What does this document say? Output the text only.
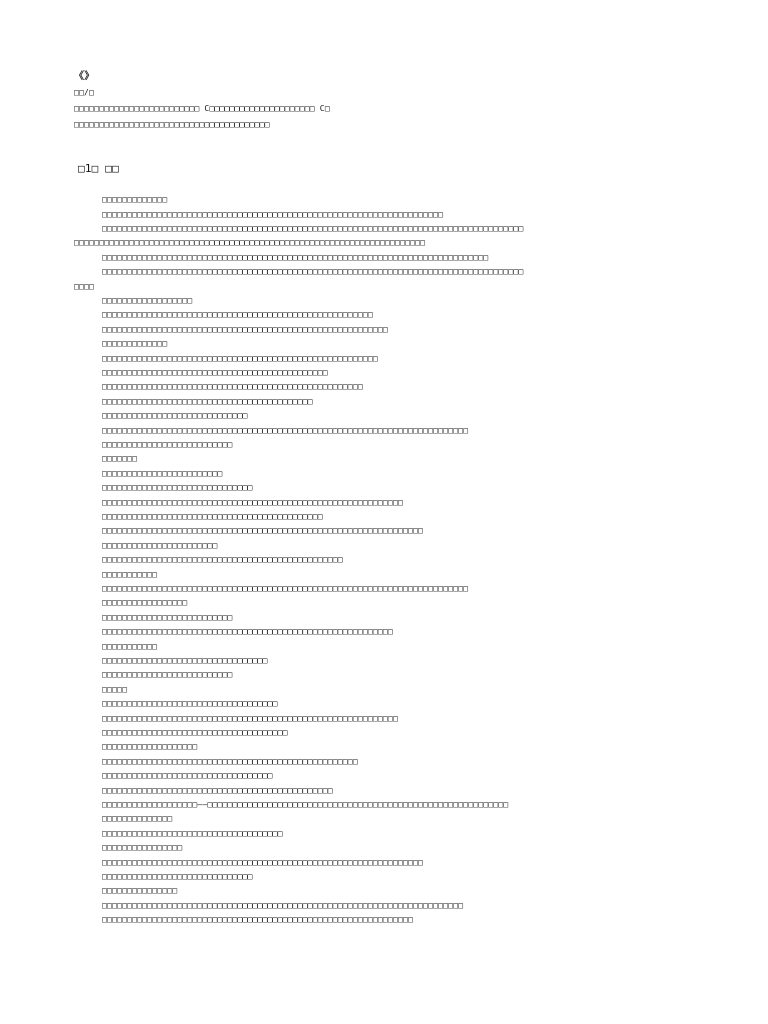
《》
□□/□
□□□□□□□□□□□□□□□□□□□□□□□□□ C□□□□□□□□□□□□□□□□□□□□□ C□
□□□□□□□□□□□□□□□□□□□□□□□□□□□□□□□□□□□□□□□
□1□ □□
□□□□□□□□□□□□□
□□□□□□□□□□□□□□□□□□□□□□□□□□□□□□□□□□□□□□□□□□□□□□□□□□□□□□□□□□□□□□□□□□□□
□□□□□□□□□□□□□□□□□□□□□□□□□□□□□□□□□□□□□□□□□□□□□□□□□□□□□□□□□□□□□□□□□□□□□□□□□□□□□□□□□□□□
□□□□□□□□□□□□□□□□□□□□□□□□□□□□□□□□□□□□□□□□□□□□□□□□□□□□□□□□□□□□□□□□□□□□□□
□□□□□□□□□□□□□□□□□□□□□□□□□□□□□□□□□□□□□□□□□□□□□□□□□□□□□□□□□□□□□□□□□□□□□□□□□□□□□
□□□□□□□□□□□□□□□□□□□□□□□□□□□□□□□□□□□□□□□□□□□□□□□□□□□□□□□□□□□□□□□□□□□□□□□□□□□□□□□□□□□□
□□□□
□□□□□□□□□□□□□□□□□□
□□□□□□□□□□□□□□□□□□□□□□□□□□□□□□□□□□□□□□□□□□□□□□□□□□□□□□
□□□□□□□□□□□□□□□□□□□□□□□□□□□□□□□□□□□□□□□□□□□□□□□□□□□□□□□□□
□□□□□□□□□□□□□
□□□□□□□□□□□□□□□□□□□□□□□□□□□□□□□□□□□□□□□□□□□□□□□□□□□□□□□
□□□□□□□□□□□□□□□□□□□□□□□□□□□□□□□□□□□□□□□□□□□□□
□□□□□□□□□□□□□□□□□□□□□□□□□□□□□□□□□□□□□□□□□□□□□□□□□□□□
□□□□□□□□□□□□□□□□□□□□□□□□□□□□□□□□□□□□□□□□□□
□□□□□□□□□□□□□□□□□□□□□□□□□□□□□
□□□□□□□□□□□□□□□□□□□□□□□□□□□□□□□□□□□□□□□□□□□□□□□□□□□□□□□□□□□□□□□□□□□□□□□□□
□□□□□□□□□□□□□□□□□□□□□□□□□□
□□□□□□□
□□□□□□□□□□□□□□□□□□□□□□□□
□□□□□□□□□□□□□□□□□□□□□□□□□□□□□□
□□□□□□□□□□□□□□□□□□□□□□□□□□□□□□□□□□□□□□□□□□□□□□□□□□□□□□□□□□□□
□□□□□□□□□□□□□□□□□□□□□□□□□□□□□□□□□□□□□□□□□□□□
□□□□□□□□□□□□□□□□□□□□□□□□□□□□□□□□□□□□□□□□□□□□□□□□□□□□□□□□□□□□□□□□
□□□□□□□□□□□□□□□□□□□□□□□
□□□□□□□□□□□□□□□□□□□□□□□□□□□□□□□□□□□□□□□□□□□□□□□□
□□□□□□□□□□□
□□□□□□□□□□□□□□□□□□□□□□□□□□□□□□□□□□□□□□□□□□□□□□□□□□□□□□□□□□□□□□□□□□□□□□□□□
□□□□□□□□□□□□□□□□□
□□□□□□□□□□□□□□□□□□□□□□□□□□
□□□□□□□□□□□□□□□□□□□□□□□□□□□□□□□□□□□□□□□□□□□□□□□□□□□□□□□□□□
□□□□□□□□□□□
□□□□□□□□□□□□□□□□□□□□□□□□□□□□□□□□□
□□□□□□□□□□□□□□□□□□□□□□□□□□
□□□□□
□□□□□□□□□□□□□□□□□□□□□□□□□□□□□□□□□□□
□□□□□□□□□□□□□□□□□□□□□□□□□□□□□□□□□□□□□□□□□□□□□□□□□□□□□□□□□□□
□□□□□□□□□□□□□□□□□□□□□□□□□□□□□□□□□□□□□
□□□□□□□□□□□□□□□□□□□
□□□□□□□□□□□□□□□□□□□□□□□□□□□□□□□□□□□□□□□□□□□□□□□□□□□
□□□□□□□□□□□□□□□□□□□□□□□□□□□□□□□□□□
□□□□□□□□□□□□□□□□□□□□□□□□□□□□□□□□□□□□□□□□□□□□□□
□□□□□□□□□□□□□□□□□□□——□□□□□□□□□□□□□□□□□□□□□□□□□□□□□□□□□□□□□□□□□□□□□□□□□□□□□□□□□□□□
□□□□□□□□□□□□□□
□□□□□□□□□□□□□□□□□□□□□□□□□□□□□□□□□□□□
□□□□□□□□□□□□□□□□
□□□□□□□□□□□□□□□□□□□□□□□□□□□□□□□□□□□□□□□□□□□□□□□□□□□□□□□□□□□□□□□□
□□□□□□□□□□□□□□□□□□□□□□□□□□□□□□
□□□□□□□□□□□□□□□
□□□□□□□□□□□□□□□□□□□□□□□□□□□□□□□□□□□□□□□□□□□□□□□□□□□□□□□□□□□□□□□□□□□□□□□□
□□□□□□□□□□□□□□□□□□□□□□□□□□□□□□□□□□□□□□□□□□□□□□□□□□□□□□□□□□□□□□
